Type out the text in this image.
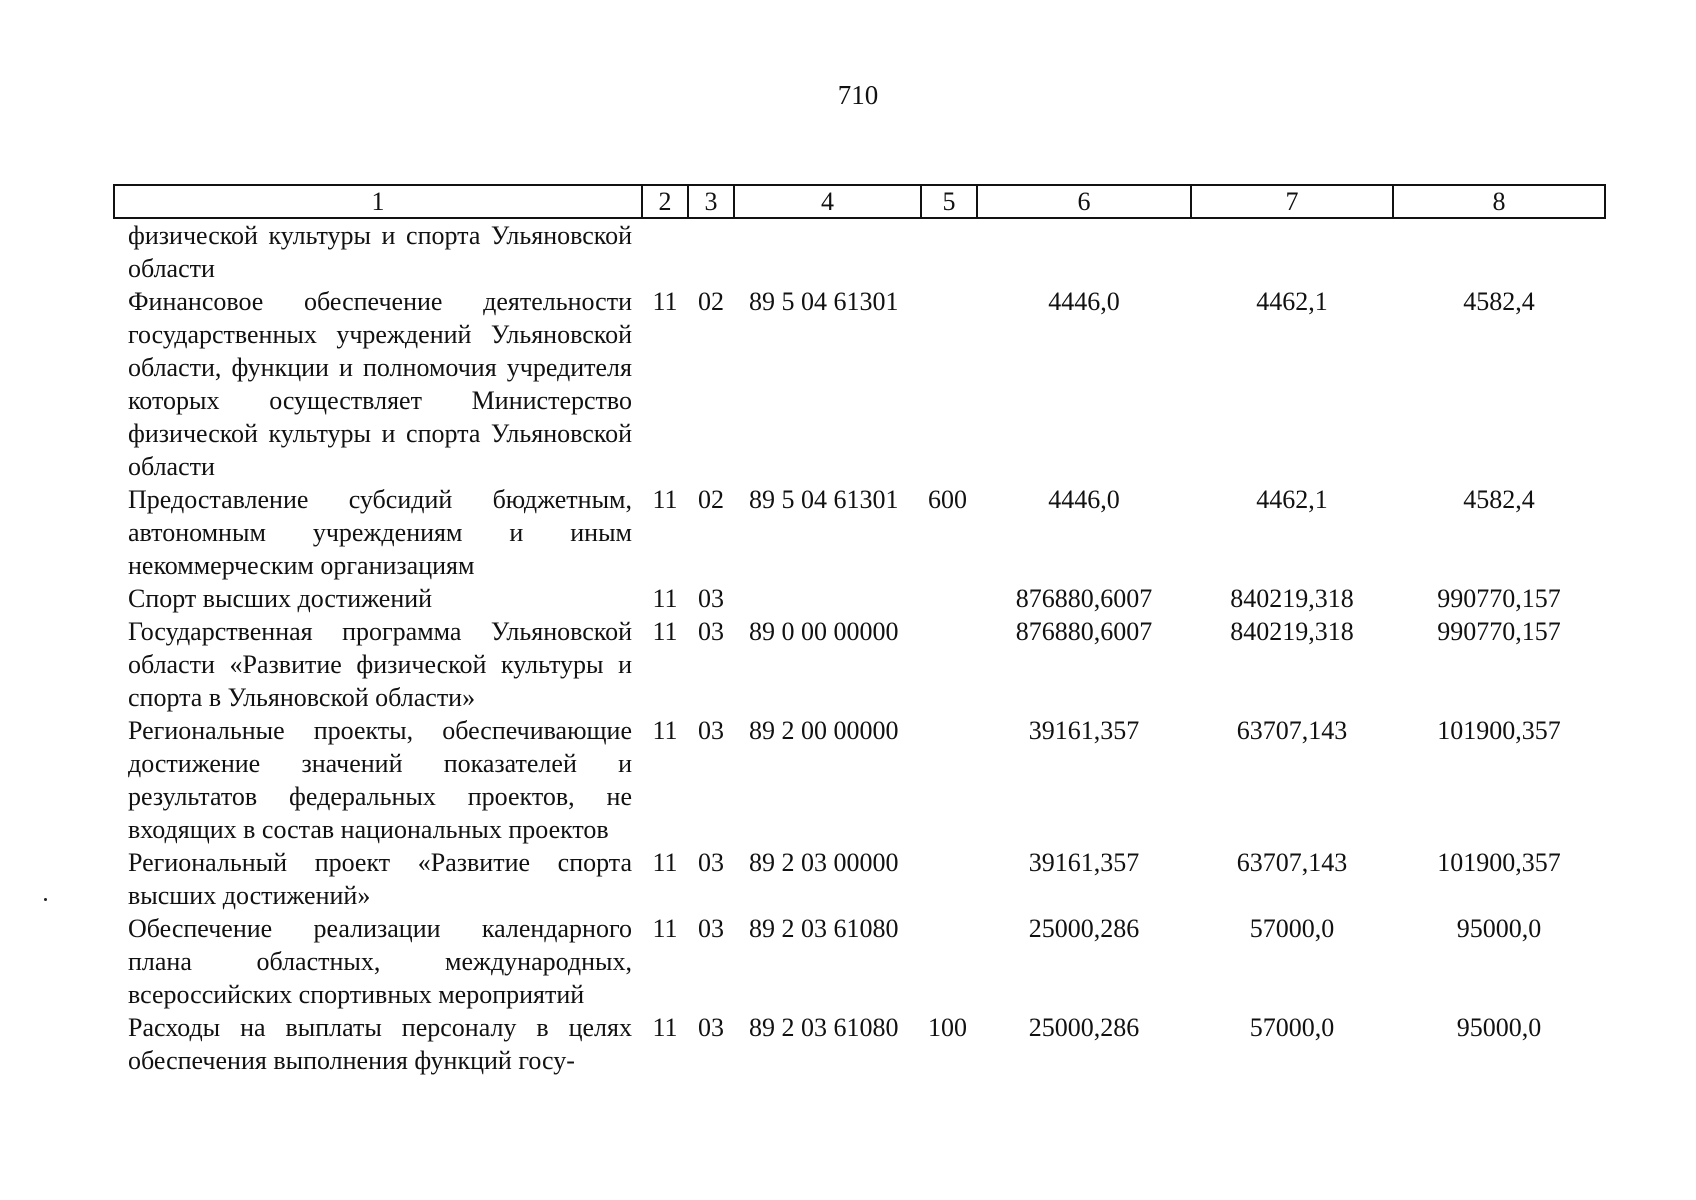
710
1	2	3	4	5	6	7	8
физической культуры и спорта Ульяновской области							
Финансовое обеспечение деятельности государственных учреждений Ульяновской области, функции и полномочия учредителя которых осуществляет Министерство физической культуры и спорта Ульяновской области	11	02	89 5 04 61301		4446,0	4462,1	4582,4
Предоставление субсидий бюджетным, автономным учреждениям и иным некоммерческим организациям	11	02	89 5 04 61301	600	4446,0	4462,1	4582,4
Спорт высших достижений	11	03			876880,6007	840219,318	990770,157
Государственная программа Ульяновской области «Развитие физической культуры и спорта в Ульяновской области»	11	03	89 0 00 00000		876880,6007	840219,318	990770,157
Региональные проекты, обеспечивающие достижение значений показателей и результатов федеральных проектов, не входящих в состав национальных проектов	11	03	89 2 00 00000		39161,357	63707,143	101900,357
Региональный проект «Развитие спорта высших достижений»	11	03	89 2 03 00000		39161,357	63707,143	101900,357
Обеспечение реализации календарного плана областных, международных, всероссийских спортивных мероприятий	11	03	89 2 03 61080		25000,286	57000,0	95000,0
Расходы на выплаты персоналу в целях обеспечения выполнения функций госу-	11	03	89 2 03 61080	100	25000,286	57000,0	95000,0
